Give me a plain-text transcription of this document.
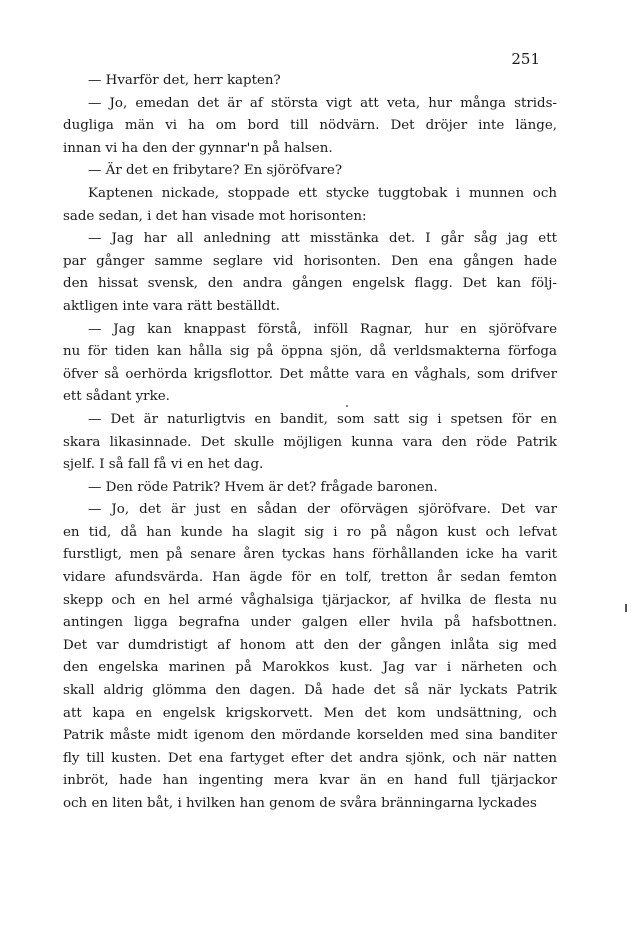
251
— Hvarför det, herr kapten?
— Jo, emedan det är af största vigt att veta, hur många strids-
dugliga män vi ha om bord till nödvärn. Det dröjer inte länge,
innan vi ha den der gynnar'n på halsen.
— Är det en fribytare? En sjöröfvare?
Kaptenen nickade, stoppade ett stycke tuggtobak i munnen och
sade sedan, i det han visade mot horisonten:
— Jag har all anledning att misstänka det. I går såg jag ett
par gånger samme seglare vid horisonten. Den ena gången hade
den hissat svensk, den andra gången engelsk flagg. Det kan följ-
aktligen inte vara rätt beställdt.
— Jag kan knappast förstå, inföll Ragnar, hur en sjöröfvare
nu för tiden kan hålla sig på öppna sjön, då verldsmakterna förfoga
öfver så oerhörda krigsflottor. Det måtte vara en våghals, som drifver
ett sådant yrke.
— Det är naturligtvis en bandit, som satt sig i spetsen för en
skara likasinnade. Det skulle möjligen kunna vara den röde Patrik
sjelf. I så fall få vi en het dag.
— Den röde Patrik? Hvem är det? frågade baronen.
— Jo, det är just en sådan der oförvägen sjöröfvare. Det var
en tid, då han kunde ha slagit sig i ro på någon kust och lefvat
furstligt, men på senare åren tyckas hans förhållanden icke ha varit
vidare afundsvärda. Han ägde för en tolf, tretton år sedan femton
skepp och en hel armé våghalsiga tjärjackor, af hvilka de flesta nu
antingen ligga begrafna under galgen eller hvila på hafsbottnen.
Det var dumdristigt af honom att den der gången inlåta sig med
den engelska marinen på Marokkos kust. Jag var i närheten och
skall aldrig glömma den dagen. Då hade det så när lyckats Patrik
att kapa en engelsk krigskorvett. Men det kom undsättning, och
Patrik måste midt igenom den mördande korselden med sina banditer
fly till kusten. Det ena fartyget efter det andra sjönk, och när natten
inbröt, hade han ingenting mera kvar än en hand full tjärjackor
och en liten båt, i hvilken han genom de svåra bränningarna lyckades
